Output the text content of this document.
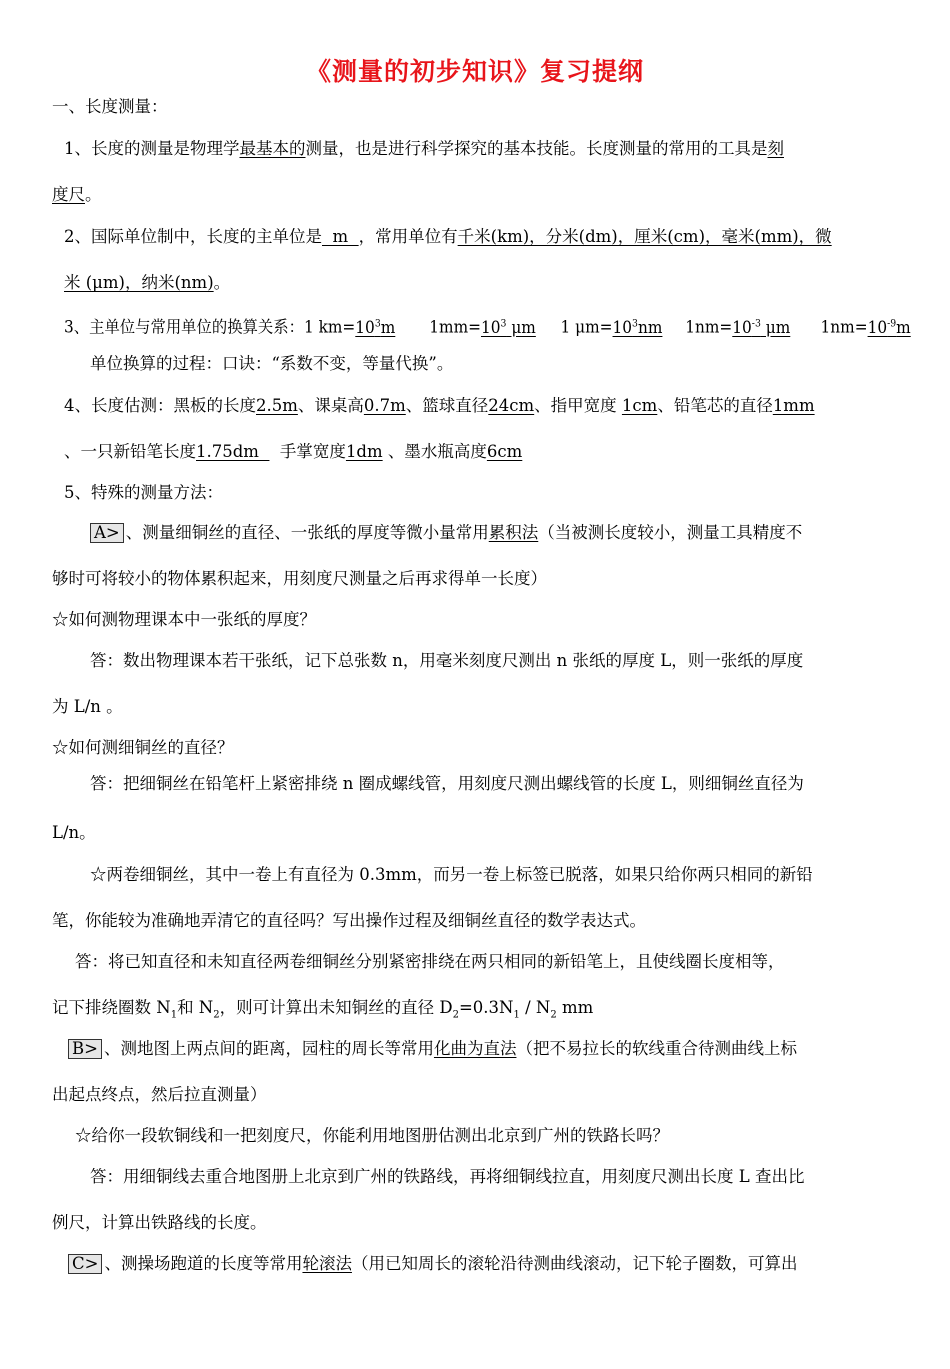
《测量的初步知识》复习提纲
一、长度测量：
1、长度的测量是物理学最基本的测量，也是进行科学探究的基本技能。长度测量的常用的工具是刻
度尺。
2、国际单位制中，长度的主单位是  m  ，常用单位有千米(km)，分米(dm)，厘米(cm)，毫米(mm)，微
米 (μm)，纳米(nm)。
3、主单位与常用单位的换算关系：1 $km=10^3m$ $1mm=10^3$ μm 1 $\mu m=10^3nm$ $1nm=10^{-3}$ μm $1nm=10^{-9}m$
单位换算的过程：口诀：“系数不变，等量代换”。
4、长度估测：黑板的长度2.5m、课桌高0.7m、篮球直径24cm、指甲宽度 1cm、铅笔芯的直径1mm
、一只新铅笔长度1.75dm    手掌宽度1dm 、墨水瓶高度6cm
5、特殊的测量方法：
A> 、测量细铜丝的直径、一张纸的厚度等微小量常用累积法（当被测长度较小，测量工具精度不
够时可将较小的物体累积起来，用刻度尺测量之后再求得单一长度）
☆如何测物理课本中一张纸的厚度？
答：数出物理课本若干张纸，记下总张数 n，用毫米刻度尺测出 n 张纸的厚度 L，则一张纸的厚度
为 L/n 。
☆如何测细铜丝的直径？
答：把细铜丝在铅笔杆上紧密排绕 n 圈成螺线管，用刻度尺测出螺线管的长度 L，则细铜丝直径为
L/n。
☆两卷细铜丝，其中一卷上有直径为 0.3mm，而另一卷上标签已脱落，如果只给你两只相同的新铅
笔，你能较为准确地弄清它的直径吗？写出操作过程及细铜丝直径的数学表达式。
答：将已知直径和未知直径两卷细铜丝分别紧密排绕在两只相同的新铅笔上，且使线圈长度相等，
记下排绕圈数 $N_1$和 $N_2$，则可计算出未知铜丝的直径 $D_2=0.3N_1 / N_2$ mm
B> 、测地图上两点间的距离，园柱的周长等常用化曲为直法（把不易拉长的软线重合待测曲线上标
出起点终点，然后拉直测量）
☆给你一段软铜线和一把刻度尺，你能利用地图册估测出北京到广州的铁路长吗？
答：用细铜线去重合地图册上北京到广州的铁路线，再将细铜线拉直，用刻度尺测出长度 L 查出比
例尺，计算出铁路线的长度。
C> 、测操场跑道的长度等常用轮滚法（用已知周长的滚轮沿待测曲线滚动，记下轮子圈数，可算出
